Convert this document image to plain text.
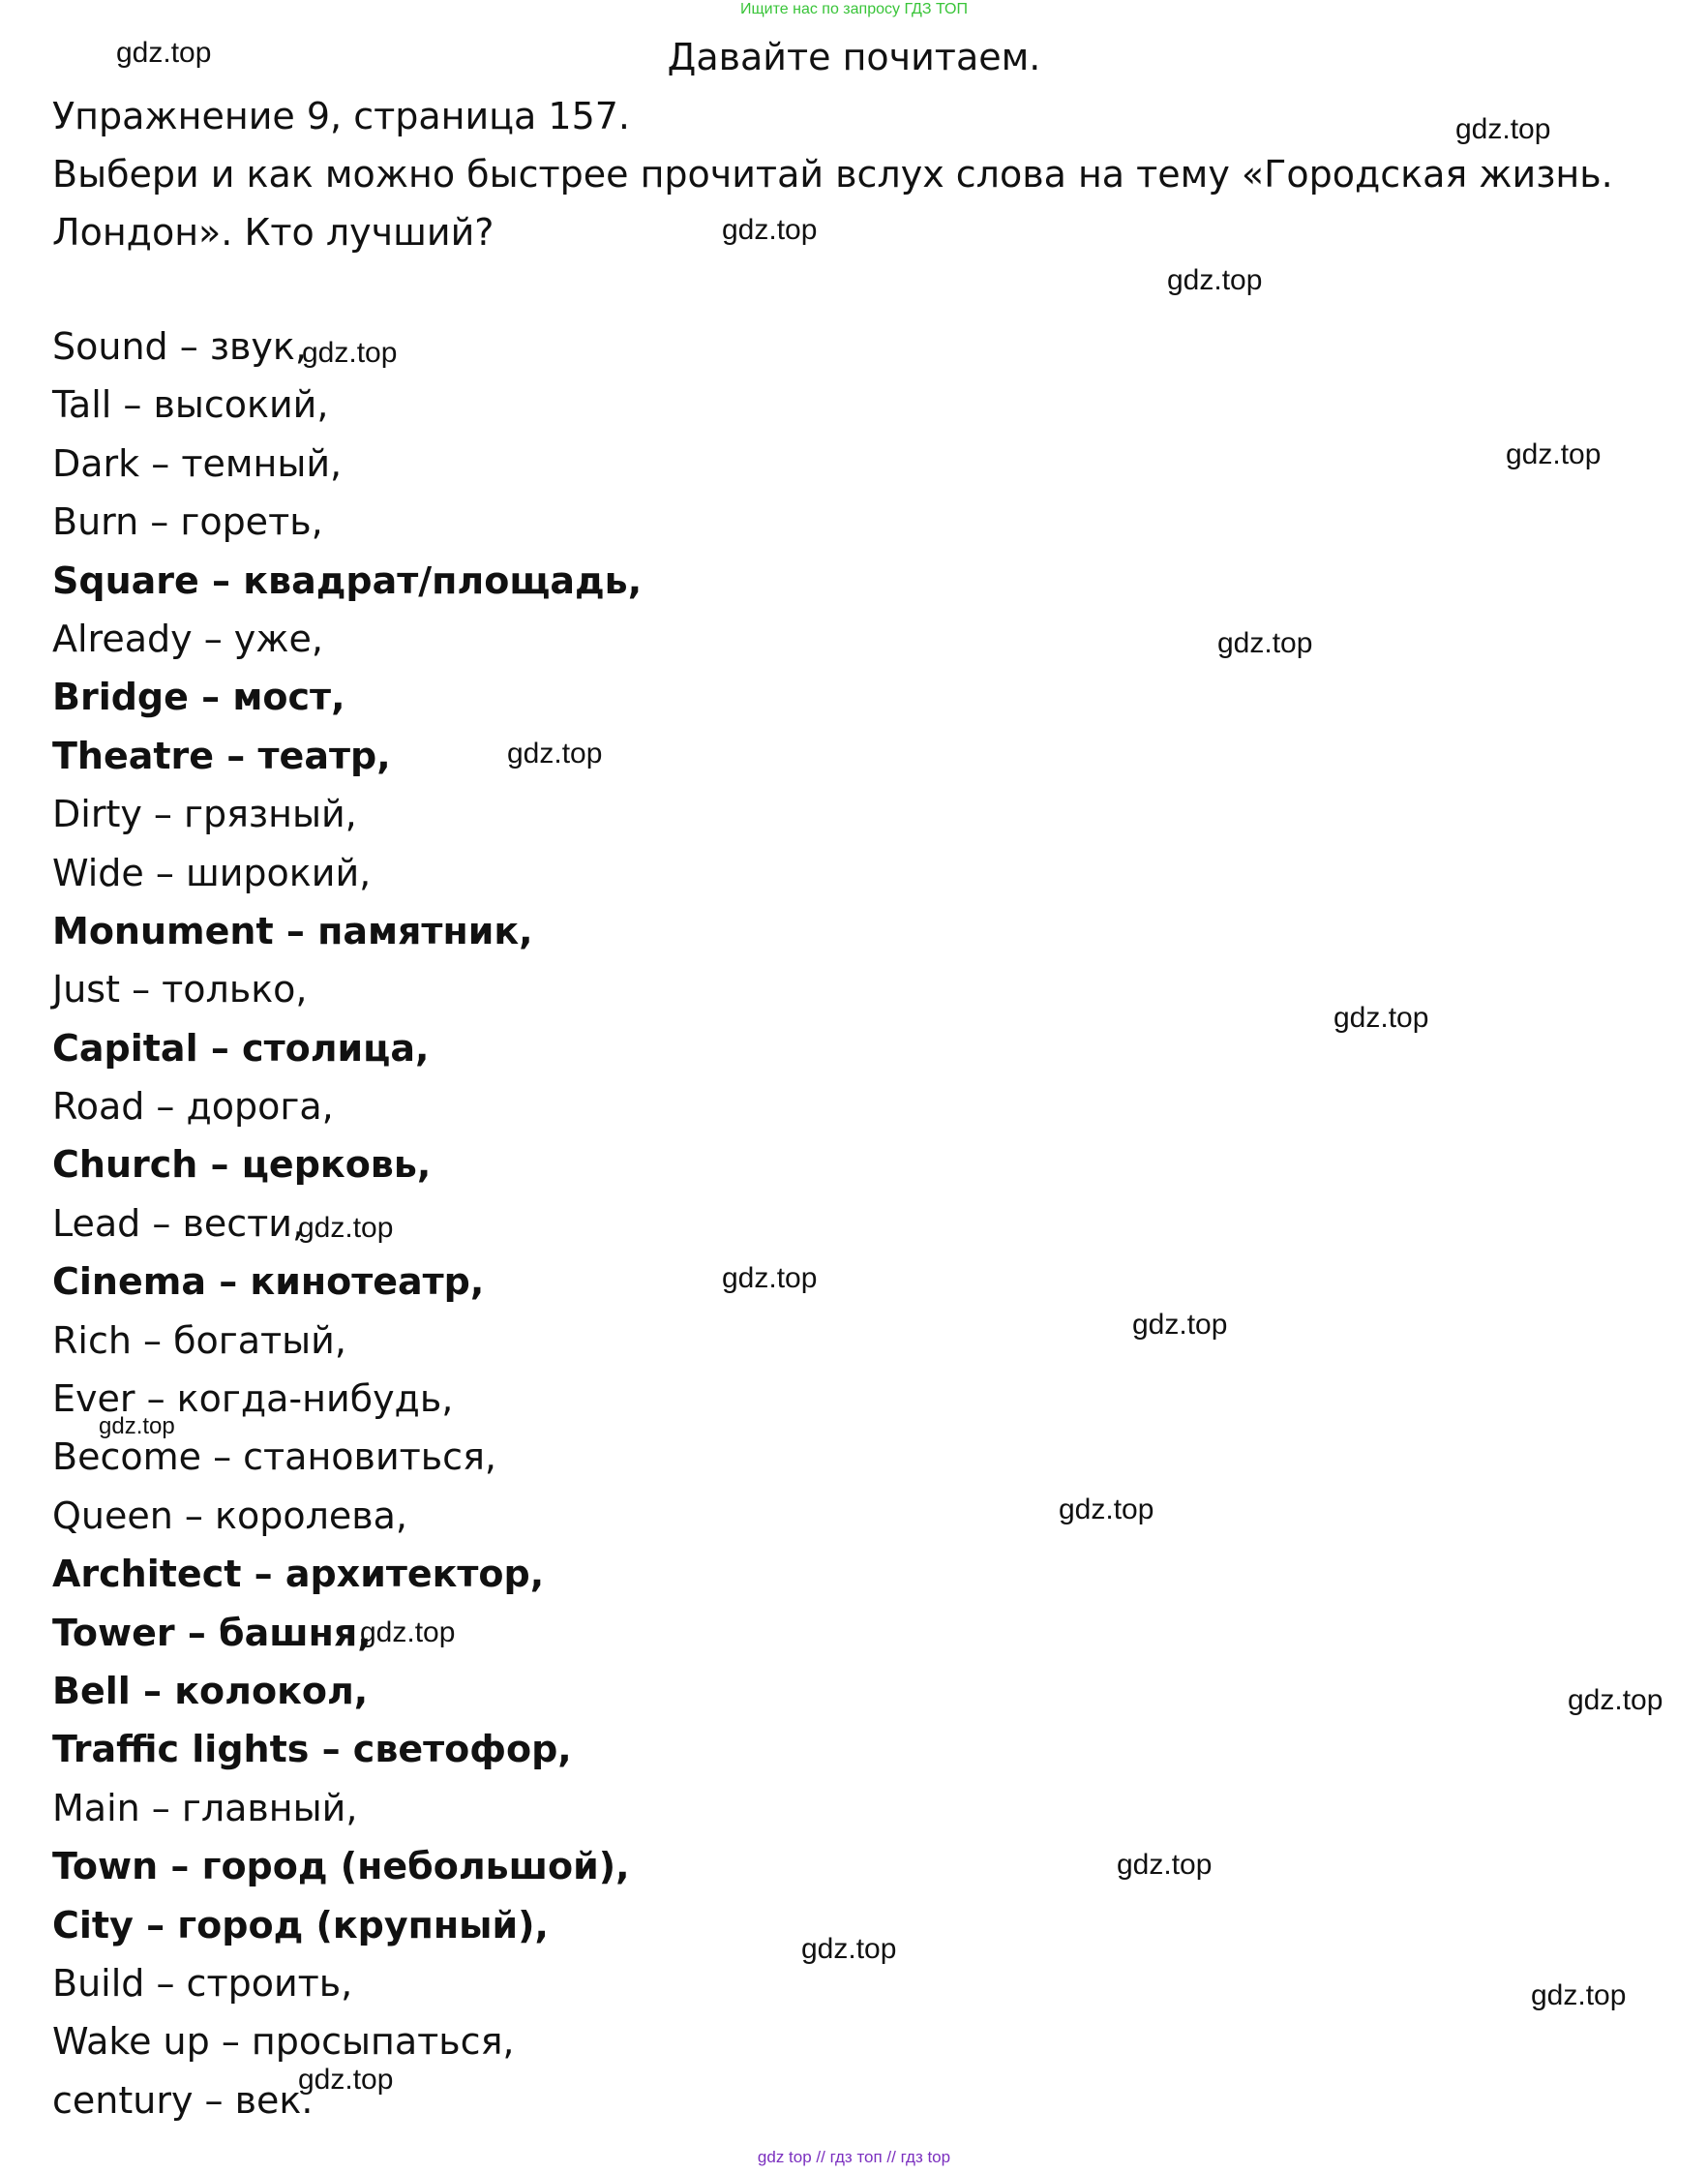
Ищите нас по запросу ГДЗ ТОП
Давайте почитаем.

Упражнение 9, страница 157.

Выбери и как можно быстрее прочитай вслух слова на тему «Городская жизнь.

Лондон». Кто лучший?

Sound – звук,
Tall – высокий,
Dark – темный,
Burn – гореть,
Square – квадрат/площадь,
Already – уже,
Bridge – мост,
Theatre – театр,
Dirty – грязный,
Wide – широкий,
Monument – памятник,
Just – только,
Capital – столица,
Road – дорога,
Church – церковь,
Lead – вести,
Cinema – кинотеатр,
Rich – богатый,
Ever – когда-нибудь,
Become – становиться,
Queen – королева,
Architect – архитектор,
Tower – башня,
Bell – колокол,
Traffic lights – светофор,
Main – главный,
Town – город (небольшой),
City – город (крупный),
Build – строить,
Wake up – просыпаться,
century – век.
gdz.top
gdz.top
gdz.top
gdz.top
gdz.top
gdz.top
gdz.top
gdz.top
gdz.top
gdz.top
gdz.top
gdz.top
gdz.top
gdz.top
gdz.top
gdz.top
gdz.top
gdz.top
gdz.top
gdz.top
gdz top // гдз топ // гдз top
